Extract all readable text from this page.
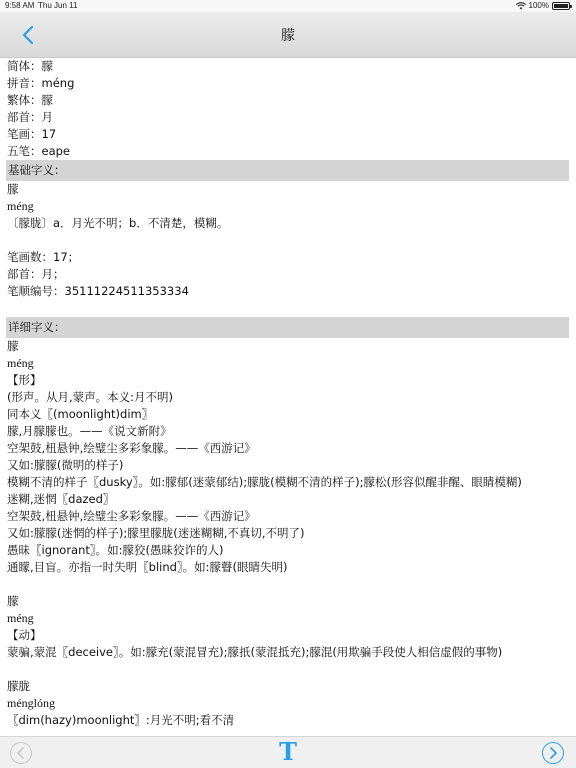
9:58 AM Thu Jun 11	100%
朦
简体：朦
拼音：méng
繁体：朦
部首：月
笔画：17
五笔：eape
基础字义：
朦
méng
〔朦胧〕a．月光不明；b．不清楚，模糊。
笔画数：17；
部首：月；
笔顺编号：35111224511353334
详细字义：
朦
méng
【形】
(形声。从月,蒙声。本义:月不明)
同本义〖(moonlight)dim〗
朦,月朦朦也。——《说文新附》
空架鼓,杻悬钟,绘璧尘多彩象朦。——《西游记》
又如:朦朦(微明的样子)
模糊不清的样子〖dusky〗。如:朦郁(迷蒙郁结);朦胧(模糊不清的样子);朦松(形容似醒非醒、眼睛模糊)
迷糊,迷惘〖dazed〗
空架鼓,杻悬钟,绘璧尘多彩象朦。——《西游记》
又如:朦朦(迷惘的样子);朦里朦胧(迷迷糊糊,不真切,不明了)
愚昧〖ignorant〗。如:朦狡(愚昧狡诈的人)
通矇,目盲。亦指一时失明〖blind〗。如:朦瞽(眼睛失明)
朦
méng
【动】
蒙骗,蒙混〖deceive〗。如:朦充(蒙混冒充);朦扺(蒙混抵充);朦混(用欺骗手段使人相信虚假的事物)
朦胧
ménglóng
〖dim(hazy)moonlight〗:月光不明;看不清
T
